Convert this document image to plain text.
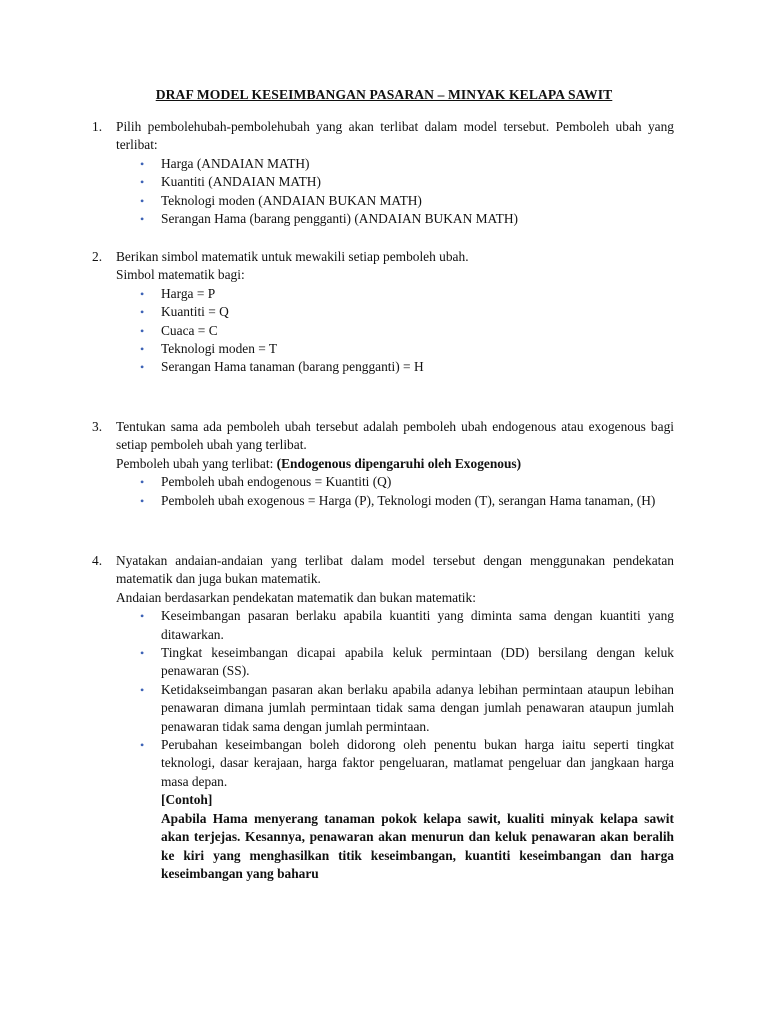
DRAF MODEL KESEIMBANGAN PASARAN – MINYAK KELAPA SAWIT
1. Pilih pembolehubah-pembolehubah yang akan terlibat dalam model tersebut. Pemboleh ubah yang terlibat:
• Harga (ANDAIAN MATH)
• Kuantiti (ANDAIAN MATH)
• Teknologi moden (ANDAIAN BUKAN MATH)
• Serangan Hama (barang pengganti) (ANDAIAN BUKAN MATH)
2. Berikan simbol matematik untuk mewakili setiap pemboleh ubah.
Simbol matematik bagi:
• Harga = P
• Kuantiti = Q
• Cuaca = C
• Teknologi moden = T
• Serangan Hama tanaman (barang pengganti) = H
3. Tentukan sama ada pemboleh ubah tersebut adalah pemboleh ubah endogenous atau exogenous bagi setiap pemboleh ubah yang terlibat.
Pemboleh ubah yang terlibat: (Endogenous dipengaruhi oleh Exogenous)
• Pemboleh ubah endogenous = Kuantiti (Q)
• Pemboleh ubah exogenous = Harga (P), Teknologi moden (T), serangan Hama tanaman, (H)
4. Nyatakan andaian-andaian yang terlibat dalam model tersebut dengan menggunakan pendekatan matematik dan juga bukan matematik.
Andaian berdasarkan pendekatan matematik dan bukan matematik:
• Keseimbangan pasaran berlaku apabila kuantiti yang diminta sama dengan kuantiti yang ditawarkan.
• Tingkat keseimbangan dicapai apabila keluk permintaan (DD) bersilang dengan keluk penawaran (SS).
• Ketidakseimbangan pasaran akan berlaku apabila adanya lebihan permintaan ataupun lebihan penawaran dimana jumlah permintaan tidak sama dengan jumlah penawaran ataupun jumlah penawaran tidak sama dengan jumlah permintaan.
• Perubahan keseimbangan boleh didorong oleh penentu bukan harga iaitu seperti tingkat teknologi, dasar kerajaan, harga faktor pengeluaran, matlamat pengeluar dan jangkaan harga masa depan.
[Contoh]
Apabila Hama menyerang tanaman pokok kelapa sawit, kualiti minyak kelapa sawit akan terjejas. Kesannya, penawaran akan menurun dan keluk penawaran akan beralih ke kiri yang menghasilkan titik keseimbangan, kuantiti keseimbangan dan harga keseimbangan yang baharu
